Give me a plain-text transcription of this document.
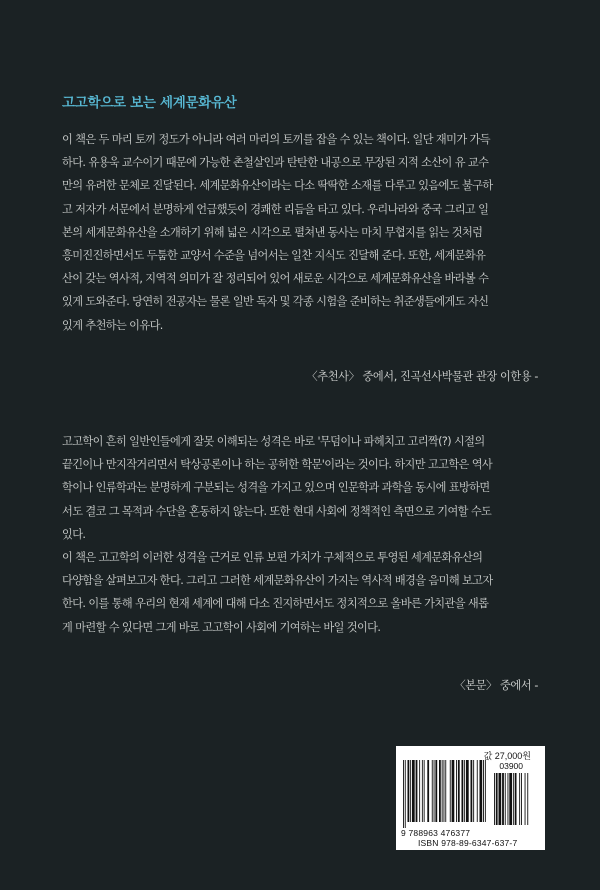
고고학으로 보는 세계문화유산

이 책은 두 마리 토끼 정도가 아니라 여러 마리의 토끼를 잡을 수 있는 책이다. 일단 재미가 가득

하다. 유용욱 교수이기 때문에 가능한 촌철살인과 탄탄한 내공으로 무장된 지적 소산이 유 교수

만의 유려한 문체로 진달된다. 세계문화유산이라는 다소 딱딱한 소재를 다루고 있음에도 불구하

고 저자가 서문에서 분명하게 언급했듯이 경쾌한 리듬을 타고 있다. 우리나라와 중국 그리고 일

본의 세계문화유산을 소개하기 위해 넓은 시각으로 펼쳐낸 동사는 마치 무협지를 읽는 것처럼

흥미진진하면서도 두툼한 교양서 수준을 넘어서는 일찬 지식도 진달해 준다. 또한, 세계문화유

산이 갖는 역사적, 지역적 의미가 잘 정리되어 있어 새로운 시각으로 세계문화유산을 바라볼 수

있게 도와준다. 당연히 전공자는 물론 일반 독자 및 각종 시험을 준비하는 취준생들에게도 자신

있게 추천하는 이유다.

〈추천사〉 중에서, 진곡선사박물관 관장 이한용 -

고고학이 흔히 일반인들에게 잘못 이해되는 성격은 바로 '무덤이나 파헤치고 고리짝(?) 시절의

끝긴이나 만지작거리면서 탁상공론이나 하는 공허한 학문'이라는 것이다. 하지만 고고학은 역사

학이나 인류학과는 분명하게 구분되는 성격을 가지고 있으며 인문학과 과학을 동시에 표방하면

서도 결코 그 목적과 수단을 혼동하지 않는다. 또한 현대 사회에 정책적인 측면으로 기여할 수도

있다.

이 책은 고고학의 이러한 성격을 근거로 인류 보편 가치가 구체적으로 투영된 세계문화유산의

다양함을 살펴보고자 한다. 그리고 그러한 세계문화유산이 가지는 역사적 배경을 음미해 보고자

한다. 이를 통해 우리의 현재 세계에 대해 다소 진지하면서도 정치적으로 올바른 가치관을 새롭

게 마련할 수 있다면 그게 바로 고고학이 사회에 기여하는 바일 것이다.

〈본문〉 중에서 -
값 27,000원
03900
9 788963 476377
ISBN 978-89-6347-637-7
